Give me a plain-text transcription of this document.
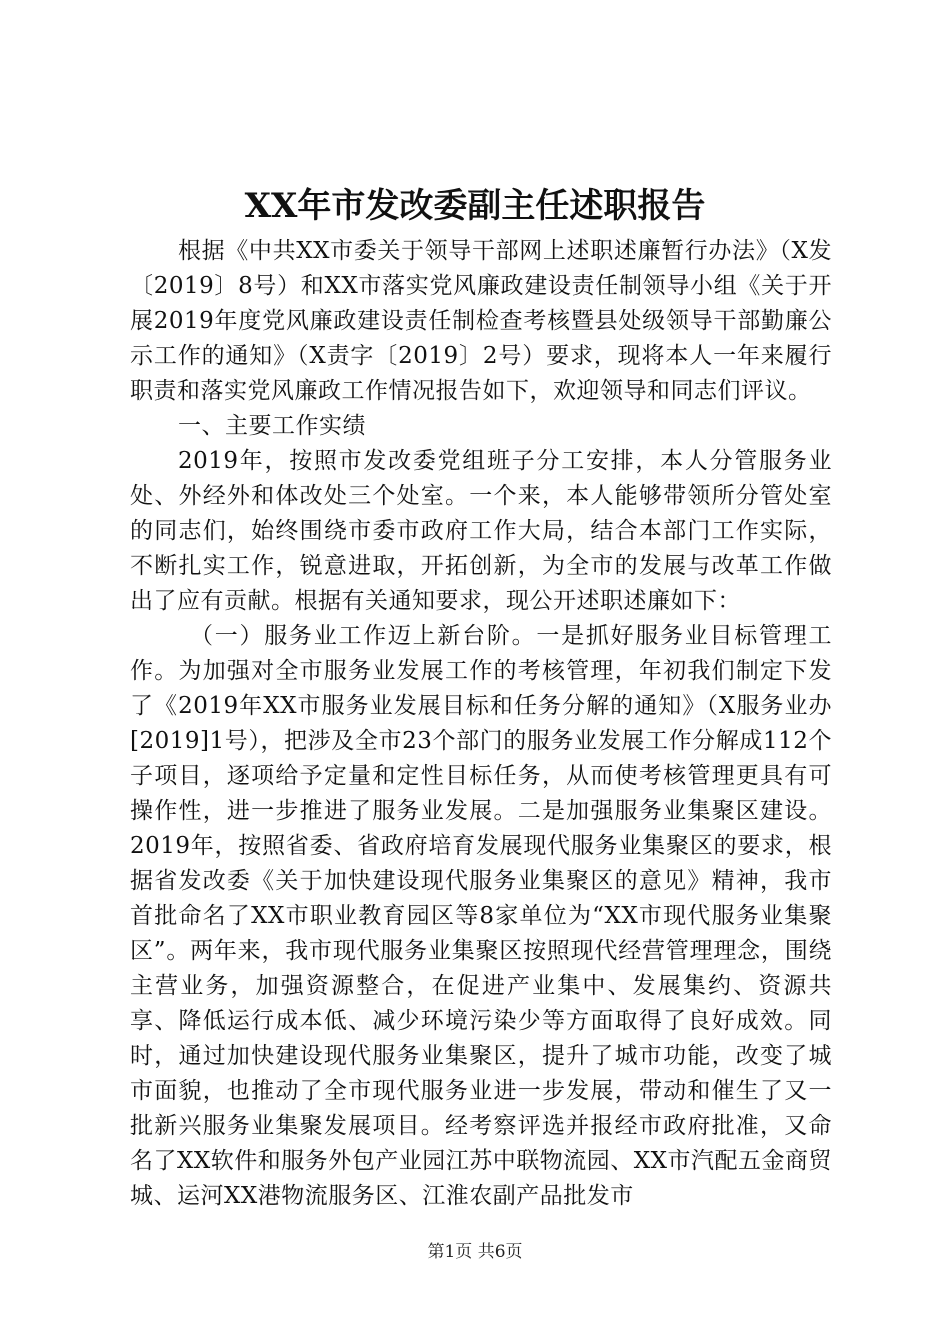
XX年市发改委副主任述职报告

根据《中共XX市委关于领导干部网上述职述廉暂行办法》（X发〔2019〕8号）和XX市落实党风廉政建设责任制领导小组《关于开展2019年度党风廉政建设责任制检查考核暨县处级领导干部勤廉公示工作的通知》（X责字〔2019〕2号）要求，现将本人一年来履行职责和落实党风廉政工作情况报告如下，欢迎领导和同志们评议。

一、主要工作实绩

2019年，按照市发改委党组班子分工安排，本人分管服务业处、外经外和体改处三个处室。一个来，本人能够带领所分管处室的同志们，始终围绕市委市政府工作大局，结合本部门工作实际，不断扎实工作，锐意进取，开拓创新，为全市的发展与改革工作做出了应有贡献。根据有关通知要求，现公开述职述廉如下：

（一）服务业工作迈上新台阶。一是抓好服务业目标管理工作。为加强对全市服务业发展工作的考核管理，年初我们制定下发了《2019年XX市服务业发展目标和任务分解的通知》（X服务业办[2019]1号），把涉及全市23个部门的服务业发展工作分解成112个子项目，逐项给予定量和定性目标任务，从而使考核管理更具有可操作性，进一步推进了服务业发展。二是加强服务业集聚区建设。2019年，按照省委、省政府培育发展现代服务业集聚区的要求，根据省发改委《关于加快建设现代服务业集聚区的意见》精神，我市首批命名了XX市职业教育园区等8家单位为“XX市现代服务业集聚区”。两年来，我市现代服务业集聚区按照现代经营管理理念，围绕主营业务，加强资源整合，在促进产业集中、发展集约、资源共享、降低运行成本低、减少环境污染少等方面取得了良好成效。同时，通过加快建设现代服务业集聚区，提升了城市功能，改变了城市面貌，也推动了全市现代服务业进一步发展，带动和催生了又一批新兴服务业集聚发展项目。经考察评选并报经市政府批准，又命名了XX软件和服务外包产业园江苏中联物流园、XX市汽配五金商贸城、运河XX港物流服务区、江淮农副产品批发市

第1页 共6页
